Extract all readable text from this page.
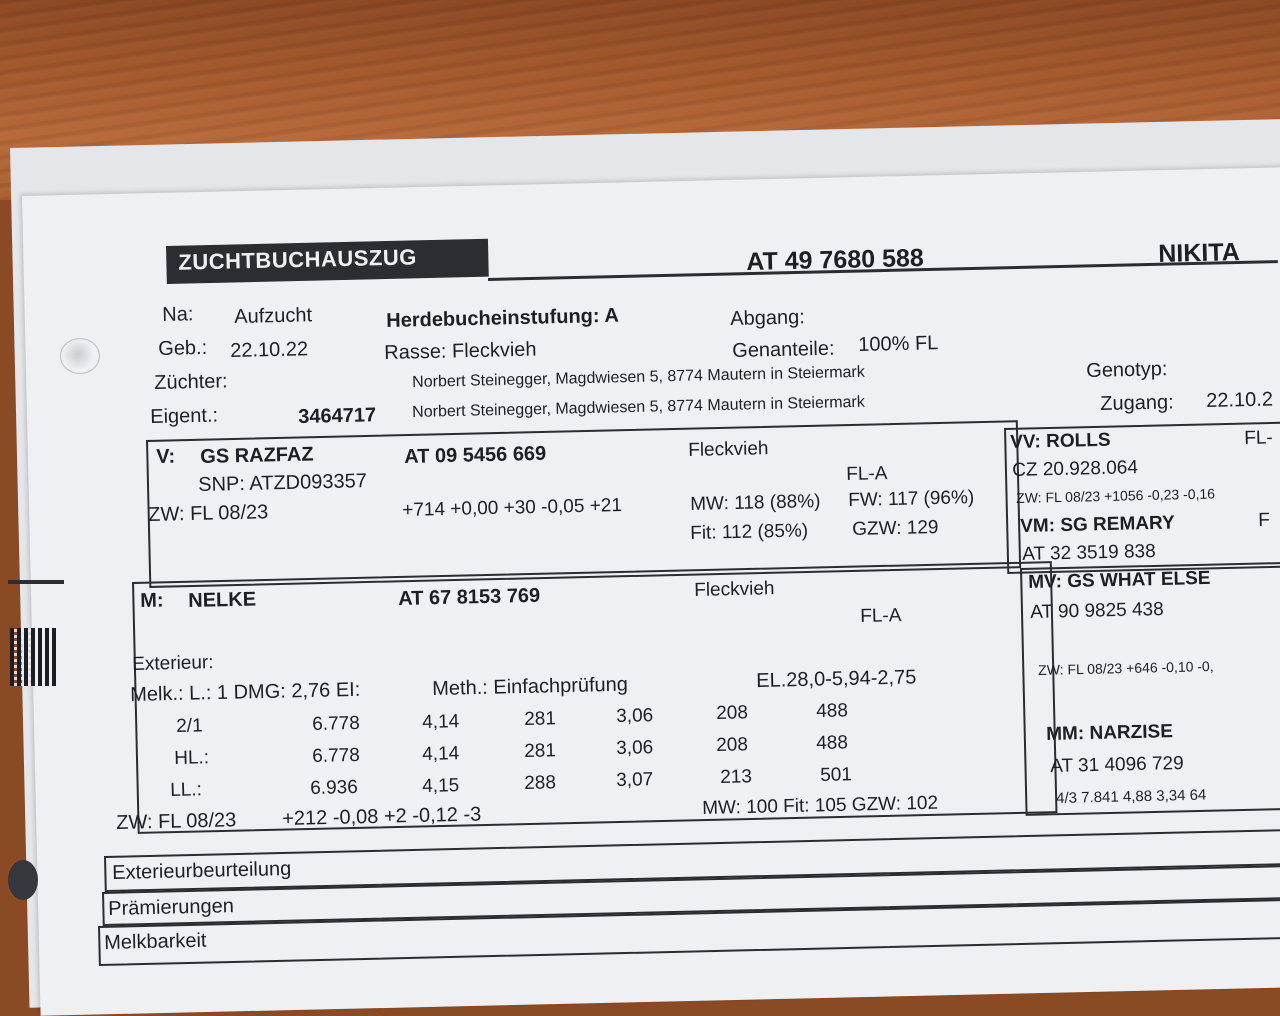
ZUCHTBUCHAUSZUG	AT 49 7680 588	NIKITA
Na: Aufzucht	Herdebucheinstufung: A	Abgang:
Geb.: 22.10.22	Rasse: Fleckvieh	Genanteile: 100% FL
Züchter:	Norbert Steinegger, Magdwiesen 5, 8774 Mautern in Steiermark	Genotyp:
Eigent.:	3464717 Norbert Steinegger, Magdwiesen 5, 8774 Mautern in Steiermark	Zugang: 22.10.2
V: GS RAZFAZ	AT 09 5456 669	Fleckvieh
SNP: ATZD093357	FL-A
ZW: FL 08/23	+714 +0,00 +30 -0,05 +21	MW: 118 (88%) FW: 117 (96%)
Fit: 112 (85%) GZW: 129
VV: ROLLS	FL-
CZ 20.928.064
ZW: FL 08/23 +1056 -0,23 -0,16
VM: SG REMARY	F
AT 32 3519 838
M: NELKE	AT 67 8153 769	Fleckvieh
FL-A
Exterieur:
Melk.: L.: 1 DMG: 2,76 EI:	Meth.: Einfachprüfung	EL.28,0-5,94-2,75
2/1	6.778	4,14	281	3,06	208	488
HL.:	6.778	4,14	281	3,06	208	488
LL.:	6.936	4,15	288	3,07	213	501
ZW: FL 08/23 +212 -0,08 +2 -0,12 -3	MW: 100 Fit: 105 GZW: 102
MV: GS WHAT ELSE
AT 90 9825 438
ZW: FL 08/23 +646 -0,10 -0,
MM: NARZISE
AT 31 4096 729
4/3 7.841 4,88 3,34 64
Exterieurbeurteilung
Prämierungen
Melkbarkeit
